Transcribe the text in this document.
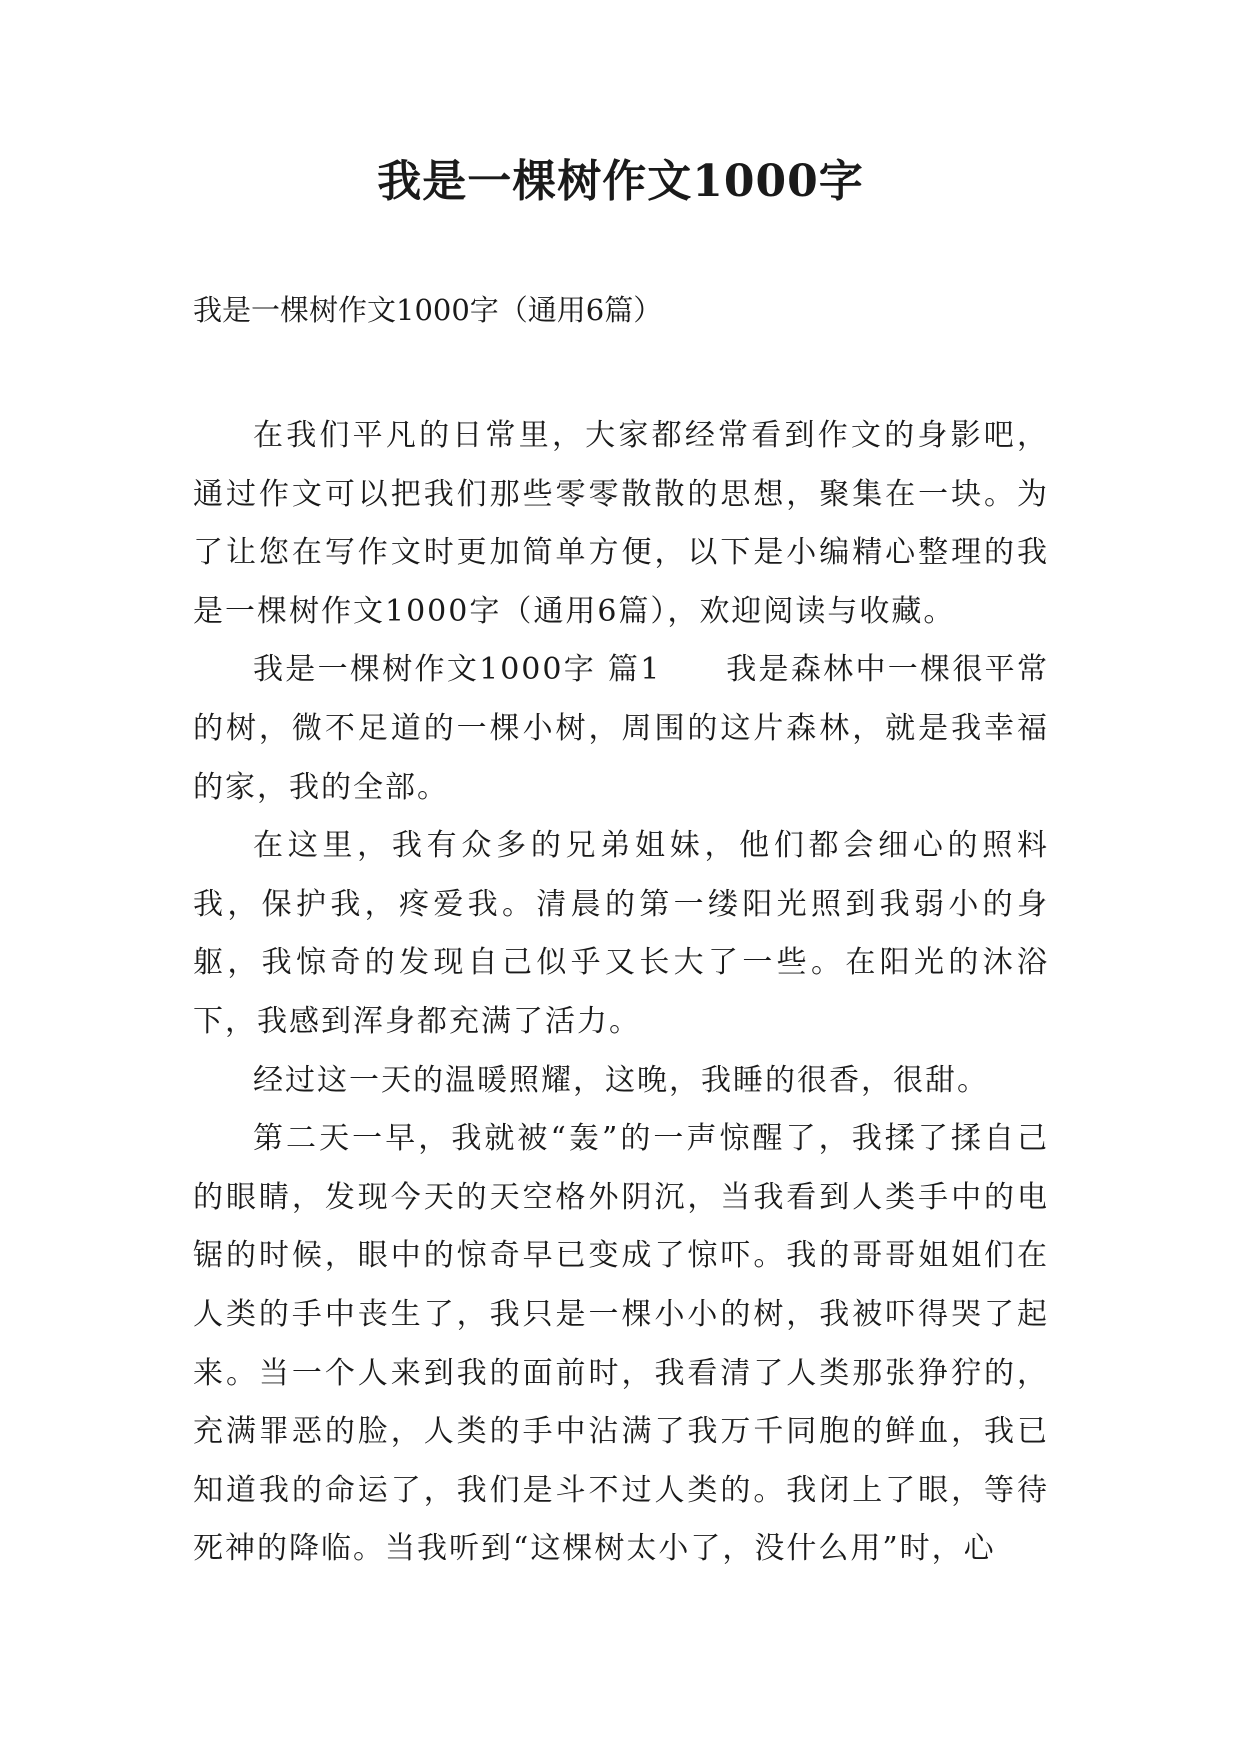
我是一棵树作文1000字

我是一棵树作文1000字（通用6篇）

在我们平凡的日常里，大家都经常看到作文的身影吧，通过作文可以把我们那些零零散散的思想，聚集在一块。为了让您在写作文时更加简单方便，以下是小编精心整理的我是一棵树作文1000字（通用6篇），欢迎阅读与收藏。

我是一棵树作文1000字 篇1　　我是森林中一棵很平常的树，微不足道的一棵小树，周围的这片森林，就是我幸福的家，我的全部。

在这里，我有众多的兄弟姐妹，他们都会细心的照料我，保护我，疼爱我。清晨的第一缕阳光照到我弱小的身躯，我惊奇的发现自己似乎又长大了一些。在阳光的沐浴下，我感到浑身都充满了活力。

经过这一天的温暖照耀，这晚，我睡的很香，很甜。

第二天一早，我就被“轰”的一声惊醒了，我揉了揉自己的眼睛，发现今天的天空格外阴沉，当我看到人类手中的电锯的时候，眼中的惊奇早已变成了惊吓。我的哥哥姐姐们在人类的手中丧生了，我只是一棵小小的树，我被吓得哭了起来。当一个人来到我的面前时，我看清了人类那张狰狞的，充满罪恶的脸，人类的手中沾满了我万千同胞的鲜血，我已知道我的命运了，我们是斗不过人类的。我闭上了眼，等待死神的降临。当我听到“这棵树太小了，没什么用”时，心
